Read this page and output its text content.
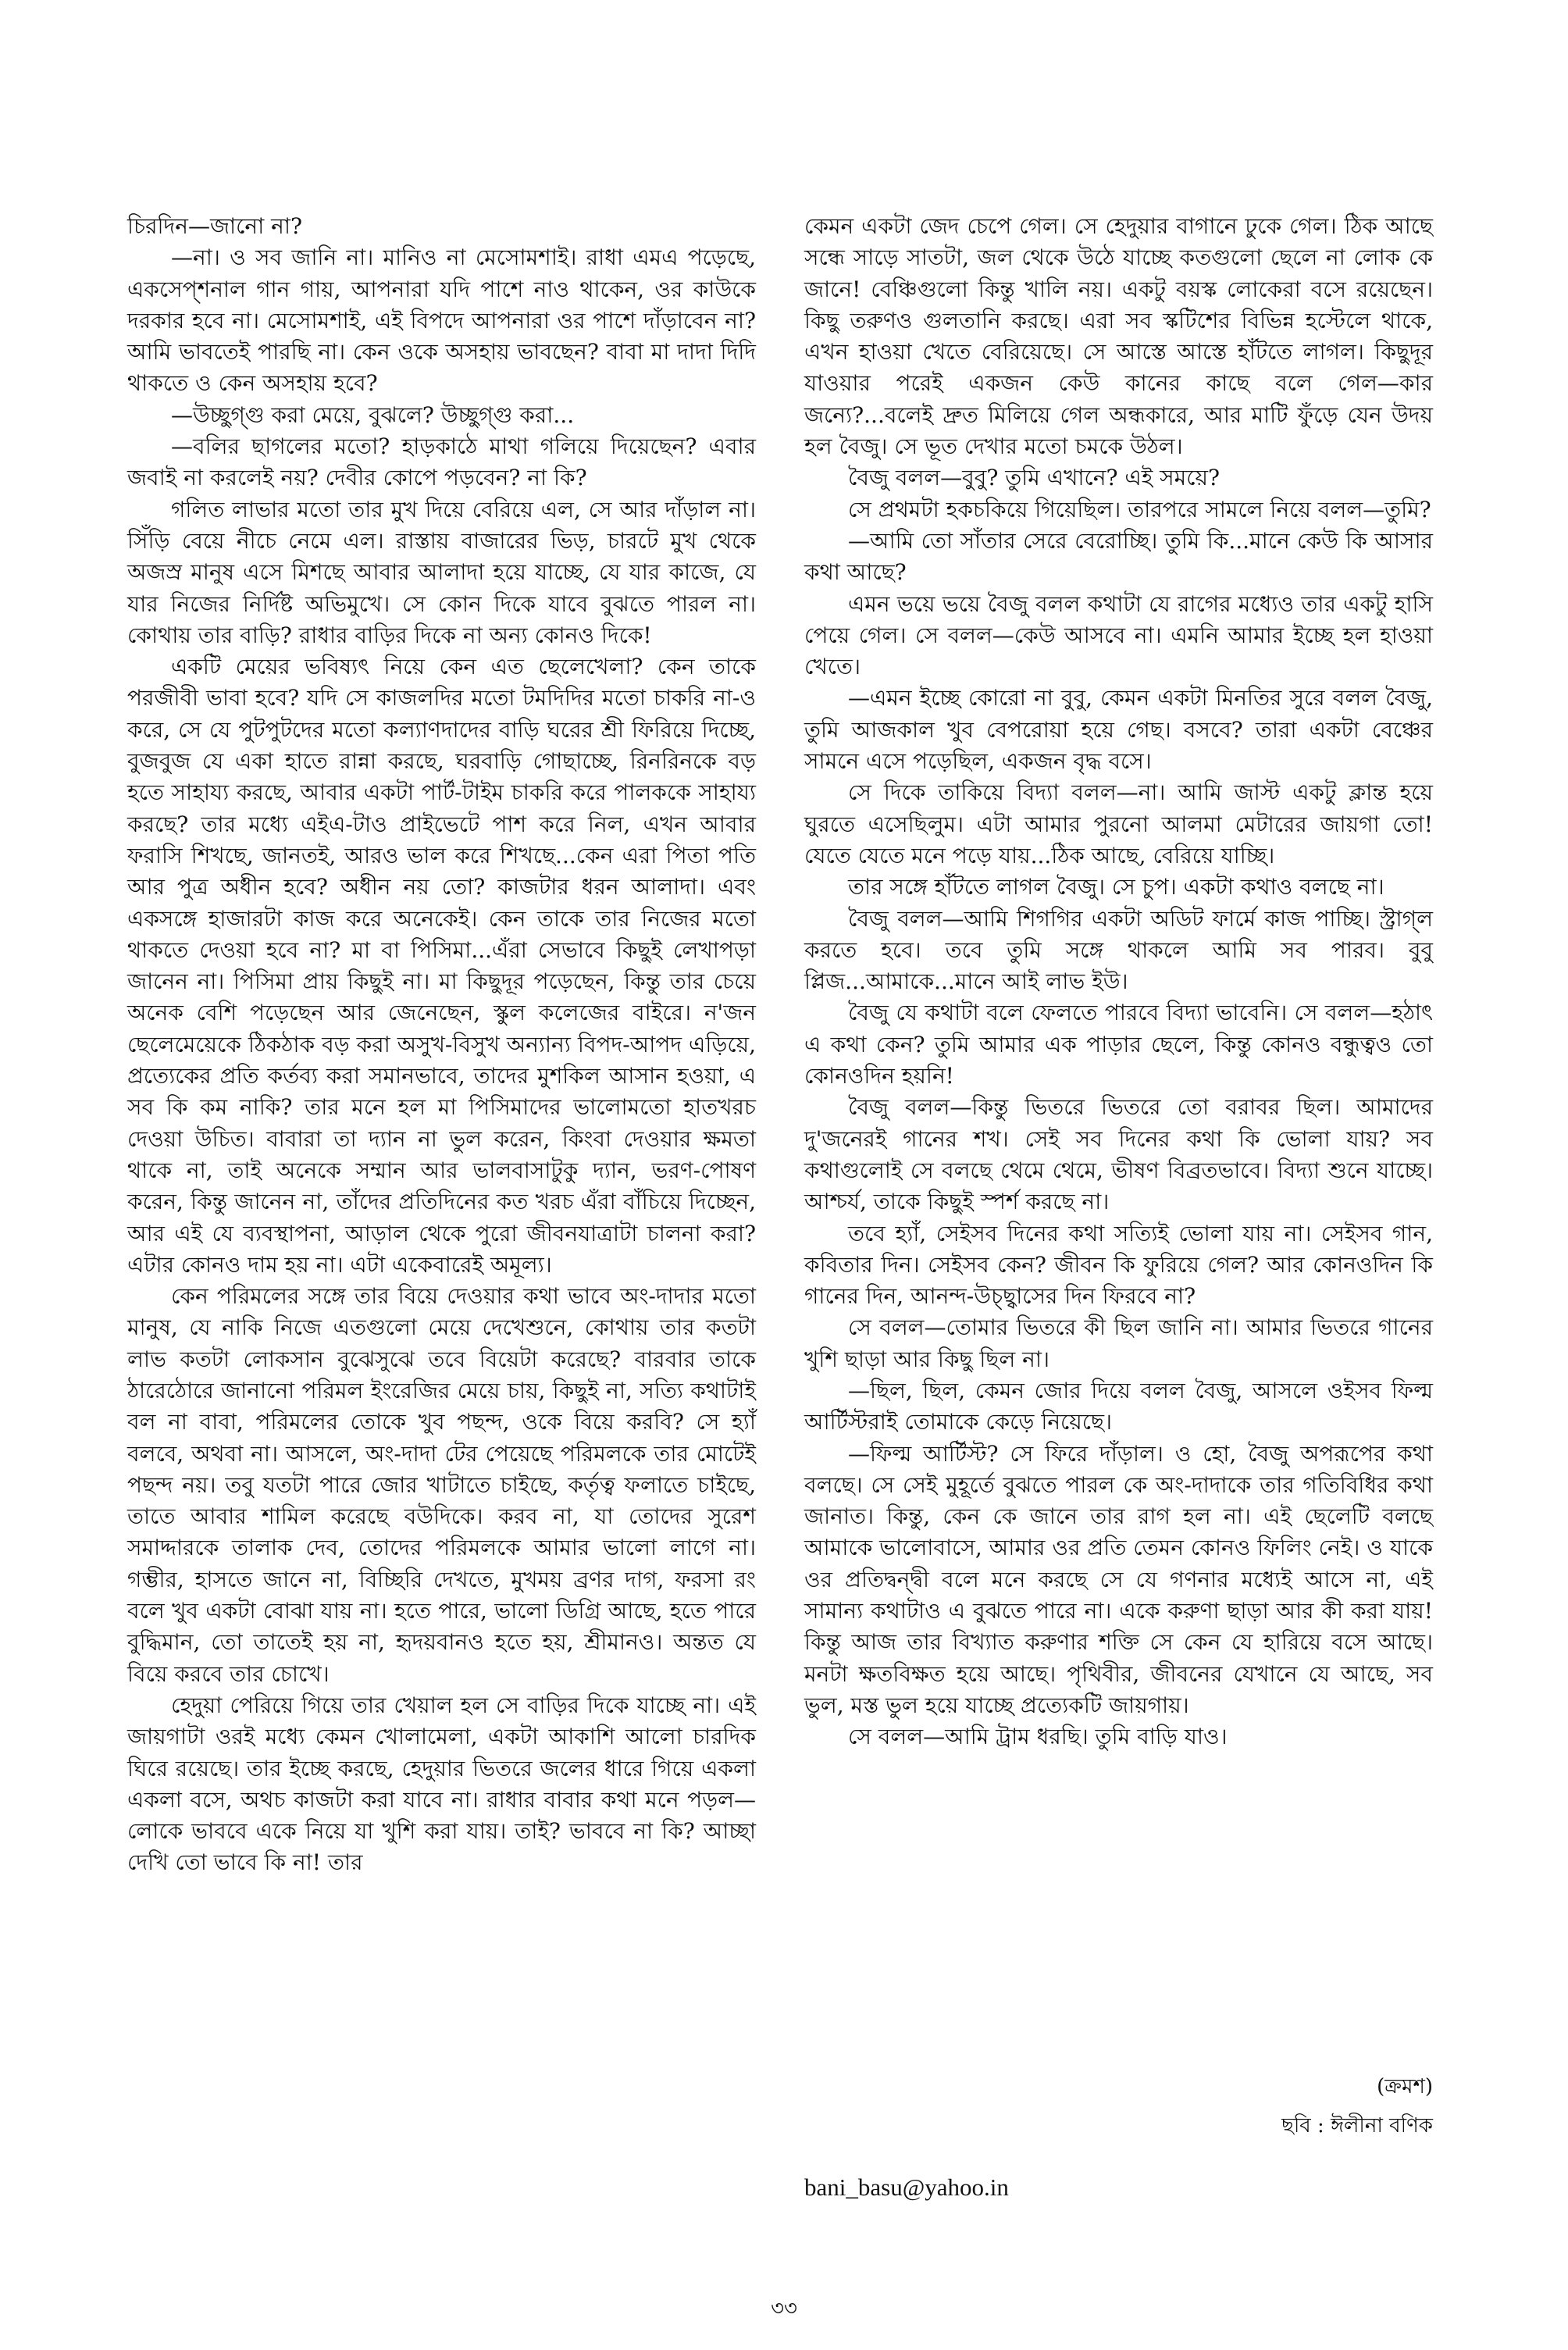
চিরদিন—জানো না?

—না। ও সব জানি না। মানিও না মেসোমশাই। রাধা এমএ পড়েছে, একসেপ্‌শনাল গান গায়, আপনারা যদি পাশে নাও থাকেন, ওর কাউকে দরকার হবে না। মেসোমশাই, এই বিপদে আপনারা ওর পাশে দাঁড়াবেন না? আমি ভাবতেই পারছি না। কেন ওকে অসহায় ভাবছেন? বাবা মা দাদা দিদি থাকতে ও কেন অসহায় হবে?

—উচ্ছুগ্‌গু করা মেয়ে, বুঝলে? উচ্ছুগ্‌গু করা...

—বলির ছাগলের মতো? হাড়কাঠে মাথা গলিয়ে দিয়েছেন? এবার জবাই না করলেই নয়? দেবীর কোপে পড়বেন? না কি?

গলিত লাভার মতো তার মুখ দিয়ে বেরিয়ে এল, সে আর দাঁড়াল না। সিঁড়ি বেয়ে নীচে নেমে এল। রাস্তায় বাজারের ভিড়, চারটে মুখ থেকে অজস্র মানুষ এসে মিশছে আবার আলাদা হয়ে যাচ্ছে, যে যার কাজে, যে যার নিজের নির্দিষ্ট অভিমুখে। সে কোন দিকে যাবে বুঝতে পারল না। কোথায় তার বাড়ি? রাধার বাড়ির দিকে না অন্য কোনও দিকে!

একটি মেয়ের ভবিষ্যৎ নিয়ে কেন এত ছেলেখেলা? কেন তাকে পরজীবী ভাবা হবে? যদি সে কাজলদির মতো টমদিদির মতো চাকরি না-ও করে, সে যে পুটপুটদের মতো কল্যাণদাদের বাড়ি ঘরের শ্রী ফিরিয়ে দিচ্ছে, বুজবুজ যে একা হাতে রান্না করছে, ঘরবাড়ি গোছাচ্ছে, রিনরিনকে বড় হতে সাহায্য করছে, আবার একটা পার্ট-টাইম চাকরি করে পালককে সাহায্য করছে? তার মধ্যে এইএ-টাও প্রাইভেটে পাশ করে নিল, এখন আবার ফরাসি শিখছে, জানতই, আরও ভাল করে শিখছে...কেন এরা পিতা পতি আর পুত্র অধীন হবে? অধীন নয় তো? কাজটার ধরন আলাদা। এবং একসঙ্গে হাজারটা কাজ করে অনেকেই। কেন তাকে তার নিজের মতো থাকতে দেওয়া হবে না? মা বা পিসিমা...এঁরা সেভাবে কিছুই লেখাপড়া জানেন না। পিসিমা প্রায় কিছুই না। মা কিছুদূর পড়েছেন, কিন্তু তার চেয়ে অনেক বেশি পড়েছেন আর জেনেছেন, স্কুল কলেজের বাইরে। ন'জন ছেলেমেয়েকে ঠিকঠাক বড় করা অসুখ-বিসুখ অন্যান্য বিপদ-আপদ এড়িয়ে, প্রত্যেকের প্রতি কর্তব্য করা সমানভাবে, তাদের মুশকিল আসান হওয়া, এ সব কি কম নাকি? তার মনে হল মা পিসিমাদের ভালোমতো হাতখরচ দেওয়া উচিত। বাবারা তা দ্যান না ভুল করেন, কিংবা দেওয়ার ক্ষমতা থাকে না, তাই অনেকে সম্মান আর ভালবাসাটুকু দ্যান, ভরণ-পোষণ করেন, কিন্তু জানেন না, তাঁদের প্রতিদিনের কত খরচ এঁরা বাঁচিয়ে দিচ্ছেন, আর এই যে ব্যবস্থাপনা, আড়াল থেকে পুরো জীবনযাত্রাটা চালনা করা? এটার কোনও দাম হয় না। এটা একেবারেই অমূল্য।

কেন পরিমলের সঙ্গে তার বিয়ে দেওয়ার কথা ভাবে অং-দাদার মতো মানুষ, যে নাকি নিজে এতগুলো মেয়ে দেখেশুনে, কোথায় তার কতটা লাভ কতটা লোকসান বুঝেসুঝে তবে বিয়েটা করেছে? বারবার তাকে ঠারেঠোরে জানানো পরিমল ইংরেজির মেয়ে চায়, কিছুই না, সত্যি কথাটাই বল না বাবা, পরিমলের তোকে খুব পছন্দ, ওকে বিয়ে করবি? সে হ্যাঁ বলবে, অথবা না। আসলে, অং-দাদা টের পেয়েছে পরিমলকে তার মোটেই পছন্দ নয়। তবু যতটা পারে জোর খাটাতে চাইছে, কর্তৃত্ব ফলাতে চাইছে, তাতে আবার শামিল করেছে বউদিকে। করব না, যা তোদের সুরেশ সমাদ্দারকে তালাক দেব, তোদের পরিমলকে আমার ভালো লাগে না। গম্ভীর, হাসতে জানে না, বিচ্ছিরি দেখতে, মুখময় ব্রণর দাগ, ফরসা রং বলে খুব একটা বোঝা যায় না। হতে পারে, ভালো ডিগ্রি আছে, হতে পারে বুদ্ধিমান, তো তাতেই হয় না, হৃদয়বানও হতে হয়, শ্রীমানও। অন্তত যে বিয়ে করবে তার চোখে।

হেদুয়া পেরিয়ে গিয়ে তার খেয়াল হল সে বাড়ির দিকে যাচ্ছে না। এই জায়গাটা ওরই মধ্যে কেমন খোলামেলা, একটা আকাশি আলো চারদিক ঘিরে রয়েছে। তার ইচ্ছে করছে, হেদুয়ার ভিতরে জলের ধারে গিয়ে একলা একলা বসে, অথচ কাজটা করা যাবে না। রাধার বাবার কথা মনে পড়ল—লোকে ভাববে একে নিয়ে যা খুশি করা যায়। তাই? ভাববে না কি? আচ্ছা দেখি তো ভাবে কি না! তার

কেমন একটা জেদ চেপে গেল। সে হেদুয়ার বাগানে ঢুকে গেল। ঠিক আছে সন্ধে সাড়ে সাতটা, জল থেকে উঠে যাচ্ছে কতগুলো ছেলে না লোক কে জানে! বেঞ্চিগুলো কিন্তু খালি নয়। একটু বয়স্ক লোকেরা বসে রয়েছেন। কিছু তরুণও গুলতানি করছে। এরা সব স্কটিশের বিভিন্ন হস্টেলে থাকে, এখন হাওয়া খেতে বেরিয়েছে। সে আস্তে আস্তে হাঁটতে লাগল। কিছুদূর যাওয়ার পরেই একজন কেউ কানের কাছে বলে গেল—কার জন্যে?...বলেই দ্রুত মিলিয়ে গেল অন্ধকারে, আর মাটি ফুঁড়ে যেন উদয় হল বৈজু। সে ভূত দেখার মতো চমকে উঠল।

বৈজু বলল—বুবু? তুমি এখানে? এই সময়ে?

সে প্রথমটা হকচকিয়ে গিয়েছিল। তারপরে সামলে নিয়ে বলল—তুমি?

—আমি তো সাঁতার সেরে বেরোচ্ছি। তুমি কি...মানে কেউ কি আসার কথা আছে?

এমন ভয়ে ভয়ে বৈজু বলল কথাটা যে রাগের মধ্যেও তার একটু হাসি পেয়ে গেল। সে বলল—কেউ আসবে না। এমনি আমার ইচ্ছে হল হাওয়া খেতে।

—এমন ইচ্ছে কোরো না বুবু, কেমন একটা মিনতির সুরে বলল বৈজু, তুমি আজকাল খুব বেপরোয়া হয়ে গেছ। বসবে? তারা একটা বেঞ্চের সামনে এসে পড়েছিল, একজন বৃদ্ধ বসে।

সে দিকে তাকিয়ে বিদ্যা বলল—না। আমি জাস্ট একটু ক্লান্ত হয়ে ঘুরতে এসেছিলুম। এটা আমার পুরনো আলমা মেটারের জায়গা তো! যেতে যেতে মনে পড়ে যায়...ঠিক আছে, বেরিয়ে যাচ্ছি।

তার সঙ্গে হাঁটতে লাগল বৈজু। সে চুপ। একটা কথাও বলছে না।

বৈজু বলল—আমি শিগগির একটা অডিট ফার্মে কাজ পাচ্ছি। স্ট্রাগ্‌ল করতে হবে। তবে তুমি সঙ্গে থাকলে আমি সব পারব। বুবু প্লিজ...আমাকে...মানে আই লাভ ইউ।

বৈজু যে কথাটা বলে ফেলতে পারবে বিদ্যা ভাবেনি। সে বলল—হঠাৎ এ কথা কেন? তুমি আমার এক পাড়ার ছেলে, কিন্তু কোনও বন্ধুত্বও তো কোনওদিন হয়নি!

বৈজু বলল—কিন্তু ভিতরে ভিতরে তো বরাবর ছিল। আমাদের দু'জনেরই গানের শখ। সেই সব দিনের কথা কি ভোলা যায়? সব কথাগুলোই সে বলছে থেমে থেমে, ভীষণ বিব্রতভাবে। বিদ্যা শুনে যাচ্ছে। আশ্চর্য, তাকে কিছুই স্পর্শ করছে না।

তবে হ্যাঁ, সেইসব দিনের কথা সত্যিই ভোলা যায় না। সেইসব গান, কবিতার দিন। সেইসব কেন? জীবন কি ফুরিয়ে গেল? আর কোনওদিন কি গানের দিন, আনন্দ-উচ্ছ্বাসের দিন ফিরবে না?

সে বলল—তোমার ভিতরে কী ছিল জানি না। আমার ভিতরে গানের খুশি ছাড়া আর কিছু ছিল না।

—ছিল, ছিল, কেমন জোর দিয়ে বলল বৈজু, আসলে ওইসব ফিল্ম আর্টিস্টরাই তোমাকে কেড়ে নিয়েছে।

—ফিল্ম আর্টিস্ট? সে ফিরে দাঁড়াল। ও হো, বৈজু অপরূপের কথা বলছে। সে সেই মুহূর্তে বুঝতে পারল কে অং-দাদাকে তার গতিবিধির কথা জানাত। কিন্তু, কেন কে জানে তার রাগ হল না। এই ছেলেটি বলছে আমাকে ভালোবাসে, আমার ওর প্রতি তেমন কোনও ফিলিং নেই। ও যাকে ওর প্রতিদ্বন্দ্বী বলে মনে করছে সে যে গণনার মধ্যেই আসে না, এই সামান্য কথাটাও এ বুঝতে পারে না। একে করুণা ছাড়া আর কী করা যায়! কিন্তু আজ তার বিখ্যাত করুণার শক্তি সে কেন যে হারিয়ে বসে আছে। মনটা ক্ষতবিক্ষত হয়ে আছে। পৃথিবীর, জীবনের যেখানে যে আছে, সব ভুল, মস্ত ভুল হয়ে যাচ্ছে প্রত্যেকটি জায়গায়।

সে বলল—আমি ট্রাম ধরছি। তুমি বাড়ি যাও।

(ক্রমশ)
ছবি : ঈলীনা বণিক
bani_basu@yahoo.in
৩৩
